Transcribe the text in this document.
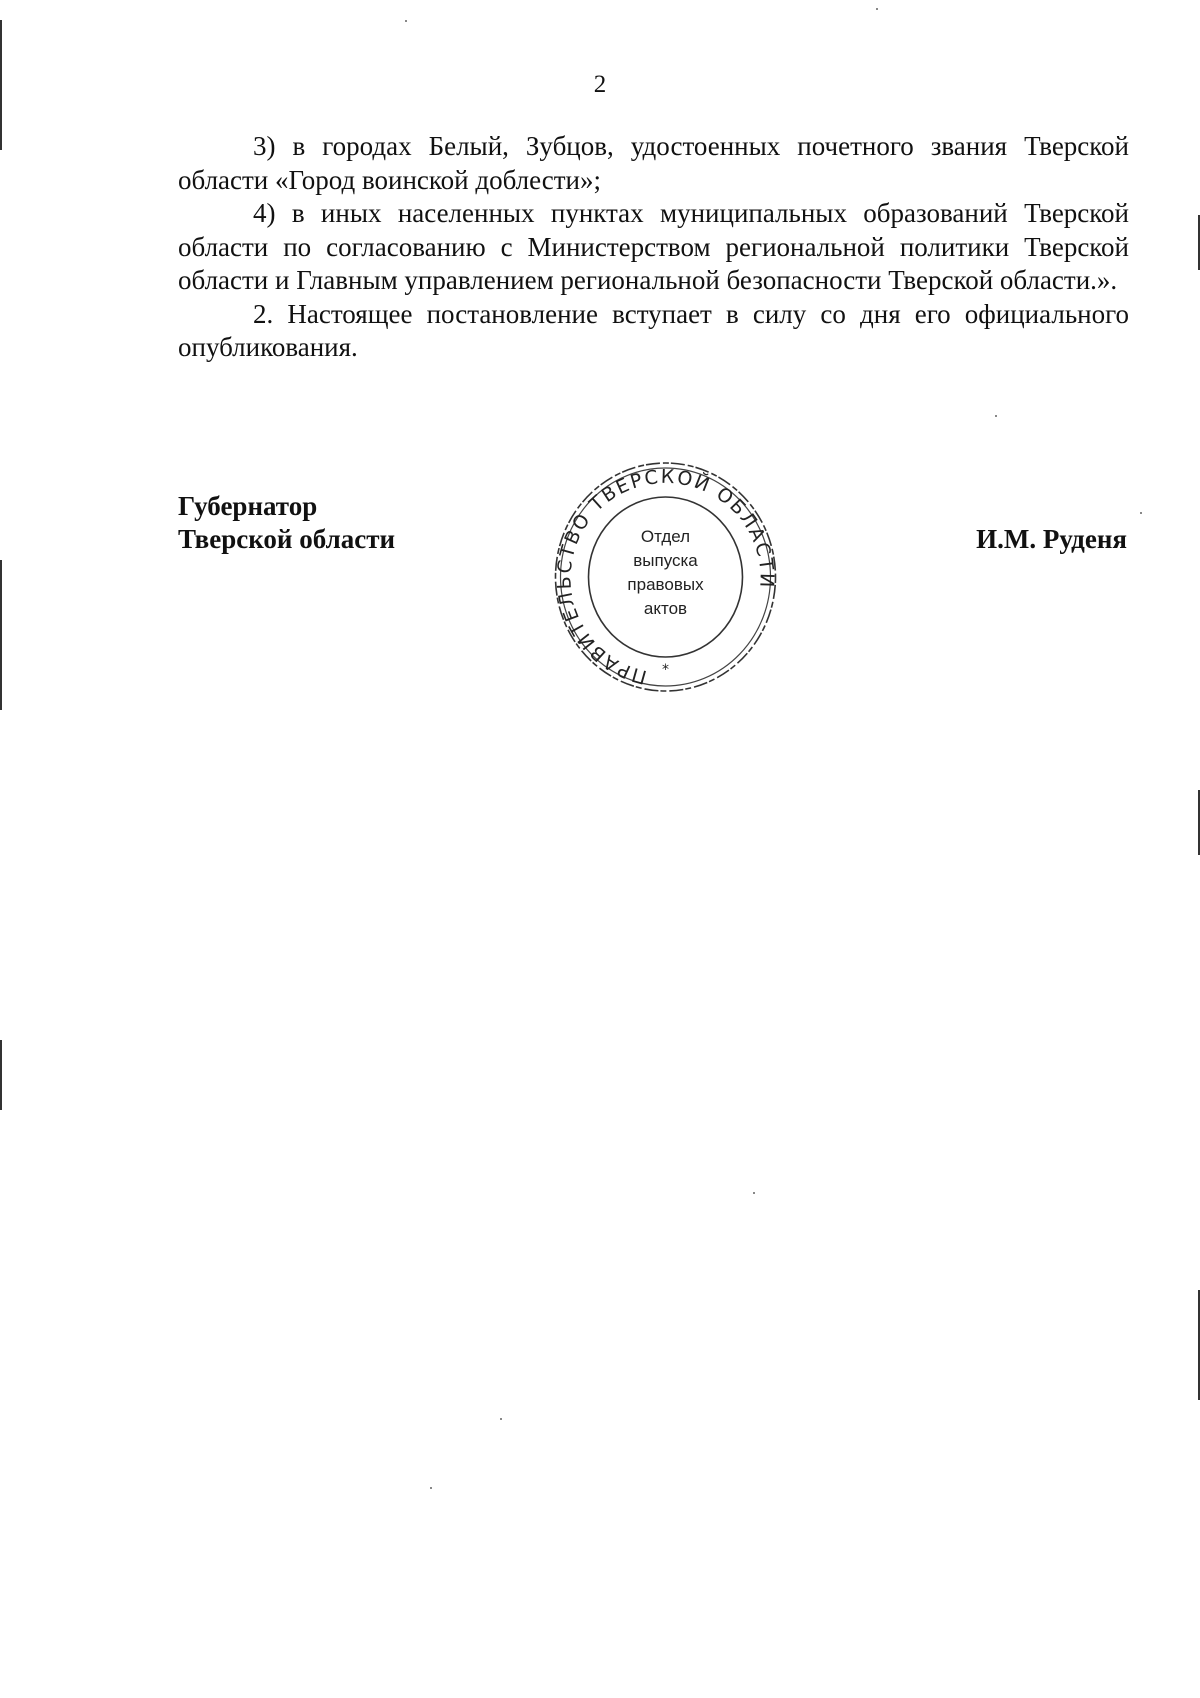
2

3) в городах Белый, Зубцов, удостоенных почетного звания Тверской области «Город воинской доблести»;

4) в иных населенных пунктах муниципальных образований Тверской области по согласованию с Министерством региональной политики Тверской области и Главным управлением региональной безопасности Тверской области.».

2. Настоящее постановление вступает в силу со дня его официального опубликования.

Губернатор
Тверской области	И.М. Руденя
ПРАВИТЕЛЬСТВО ТВЕРСКОЙ ОБЛАСТИ
Отдел
выпуска
правовых
актов
*
